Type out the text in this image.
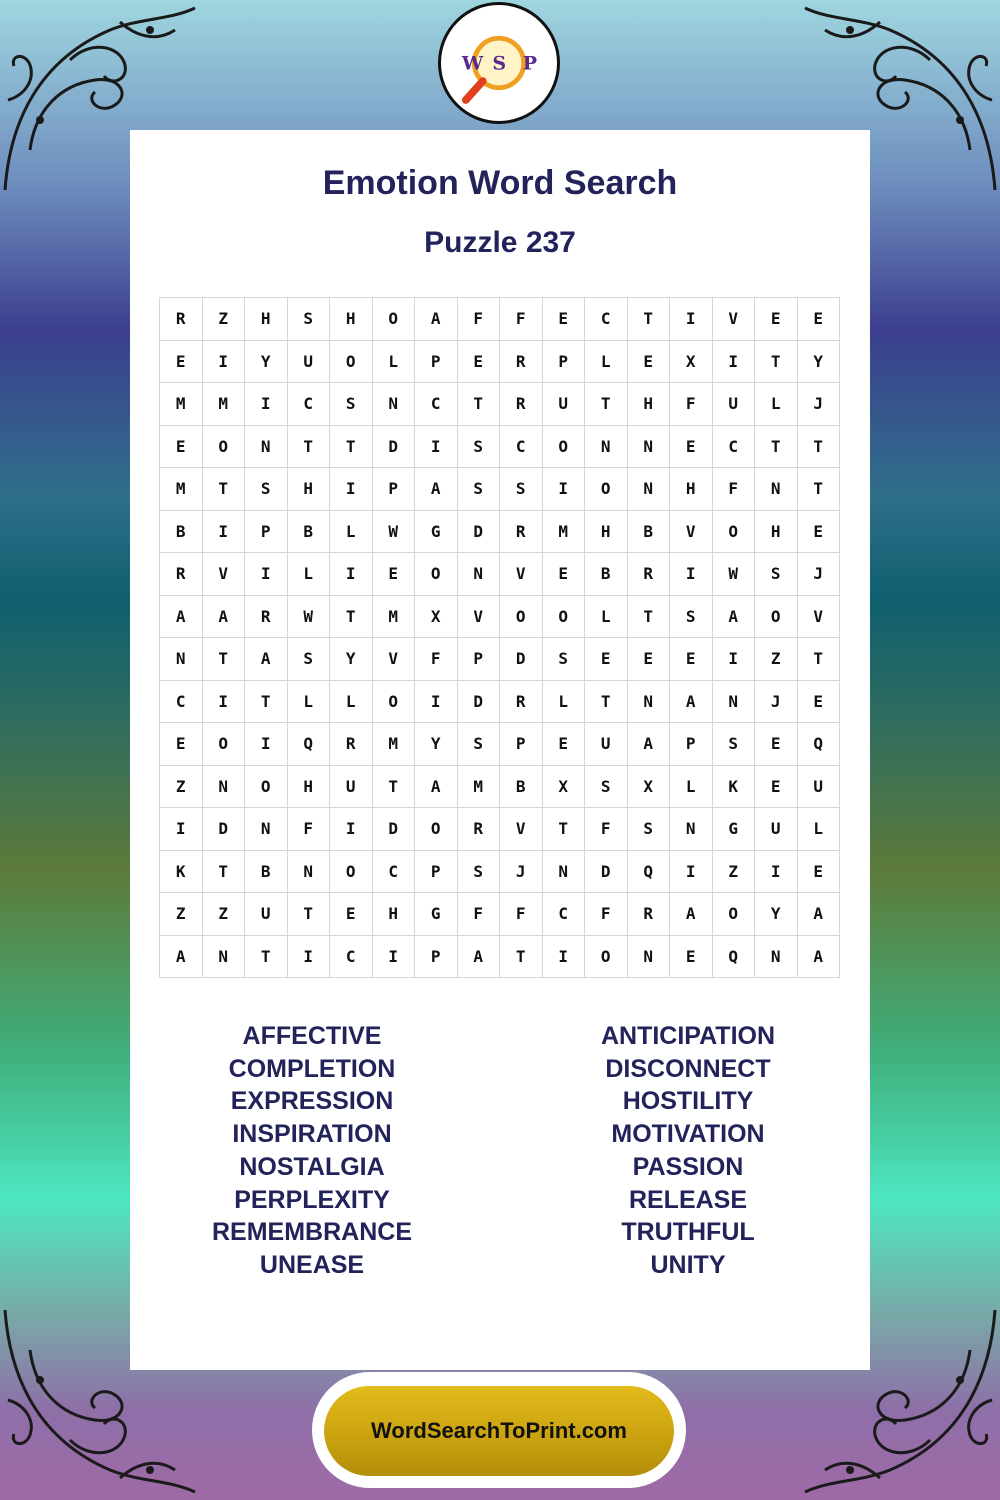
W S P
Emotion Word Search
Puzzle 237
R	Z	H	S	H	O	A	F	F	E	C	T	I	V	E	E
E	I	Y	U	O	L	P	E	R	P	L	E	X	I	T	Y
M	M	I	C	S	N	C	T	R	U	T	H	F	U	L	J
E	O	N	T	T	D	I	S	C	O	N	N	E	C	T	T
M	T	S	H	I	P	A	S	S	I	O	N	H	F	N	T
B	I	P	B	L	W	G	D	R	M	H	B	V	O	H	E
R	V	I	L	I	E	O	N	V	E	B	R	I	W	S	J
A	A	R	W	T	M	X	V	O	O	L	T	S	A	O	V
N	T	A	S	Y	V	F	P	D	S	E	E	E	I	Z	T
C	I	T	L	L	O	I	D	R	L	T	N	A	N	J	E
E	O	I	Q	R	M	Y	S	P	E	U	A	P	S	E	Q
Z	N	O	H	U	T	A	M	B	X	S	X	L	K	E	U
I	D	N	F	I	D	O	R	V	T	F	S	N	G	U	L
K	T	B	N	O	C	P	S	J	N	D	Q	I	Z	I	E
Z	Z	U	T	E	H	G	F	F	C	F	R	A	O	Y	A
A	N	T	I	C	I	P	A	T	I	O	N	E	Q	N	A
AFFECTIVE
COMPLETION
EXPRESSION
INSPIRATION
NOSTALGIA
PERPLEXITY
REMEMBRANCE
UNEASE
ANTICIPATION
DISCONNECT
HOSTILITY
MOTIVATION
PASSION
RELEASE
TRUTHFUL
UNITY
WordSearchToPrint.com
